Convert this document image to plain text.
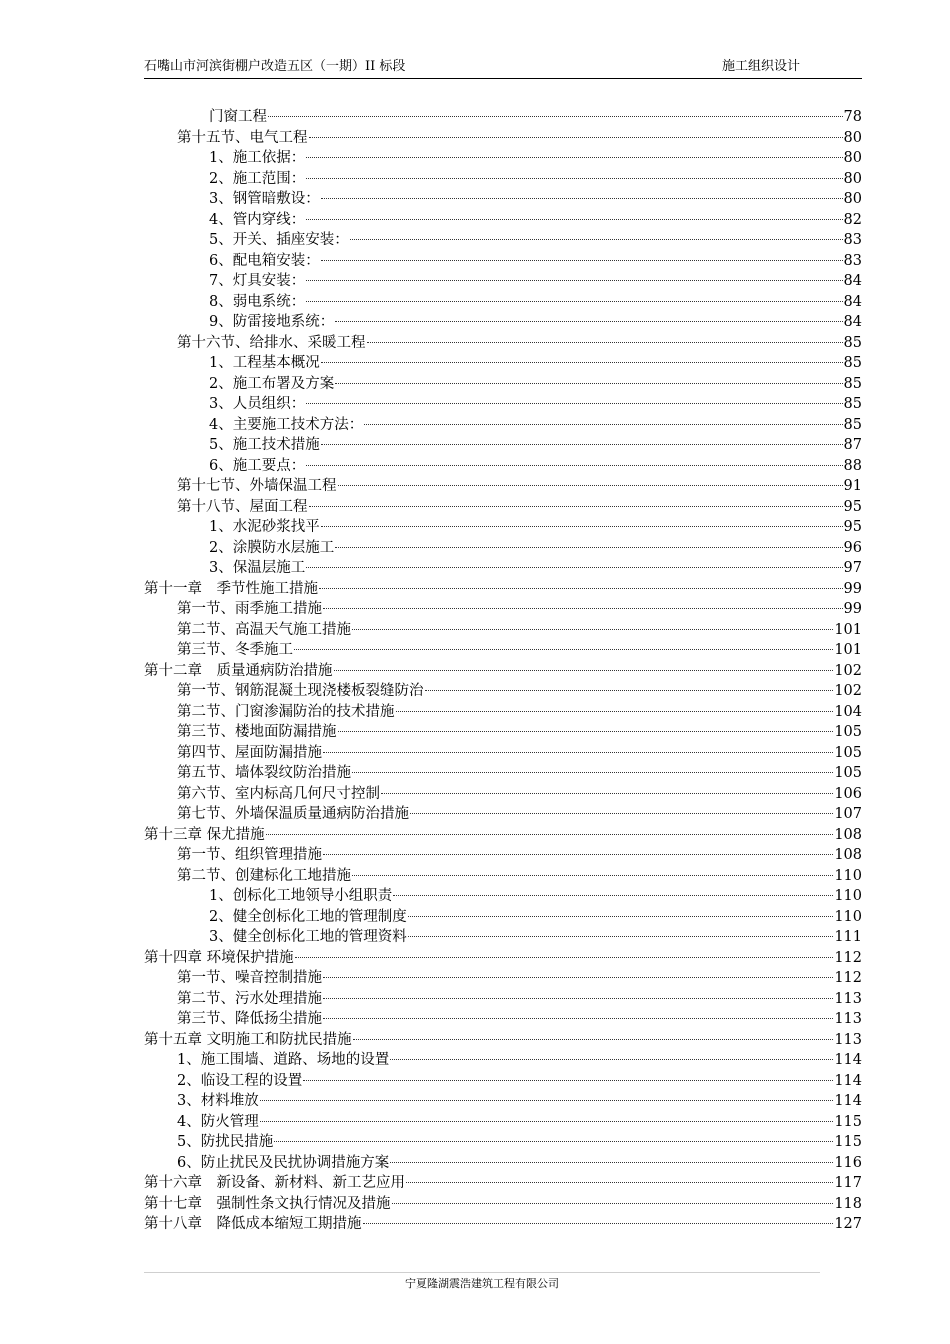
石嘴山市河滨街棚户改造五区（一期）II 标段	施工组织设计
门窗工程	78
第十五节、电气工程	80
1、施工依据：	80
2、施工范围：	80
3、钢管暗敷设：	80
4、管内穿线：	82
5、开关、插座安装：	83
6、配电箱安装：	83
7、灯具安装：	84
8、弱电系统：	84
9、防雷接地系统：	84
第十六节、给排水、采暖工程	85
1、工程基本概况	85
2、施工布署及方案	85
3、人员组织：	85
4、主要施工技术方法：	85
5、施工技术措施	87
6、施工要点：	88
第十七节、外墙保温工程	91
第十八节、屋面工程	95
1、水泥砂浆找平	95
2、涂膜防水层施工	96
3、保温层施工	97
第十一章　季节性施工措施	99
第一节、雨季施工措施	99
第二节、高温天气施工措施	101
第三节、冬季施工	101
第十二章　质量通病防治措施	102
第一节、钢筋混凝土现浇楼板裂缝防治	102
第二节、门窗渗漏防治的技术措施	104
第三节、楼地面防漏措施	105
第四节、屋面防漏措施	105
第五节、墙体裂纹防治措施	105
第六节、室内标高几何尺寸控制	106
第七节、外墙保温质量通病防治措施	107
第十三章 保尤措施	108
第一节、组织管理措施	108
第二节、创建标化工地措施	110
1、创标化工地领导小组职责	110
2、健全创标化工地的管理制度	110
3、健全创标化工地的管理资料	111
第十四章 环境保护措施	112
第一节、噪音控制措施	112
第二节、污水处理措施	113
第三节、降低扬尘措施	113
第十五章 文明施工和防扰民措施	113
1、施工围墙、道路、场地的设置	114
2、临设工程的设置	114
3、材料堆放	114
4、防火管理	115
5、防扰民措施	115
6、防止扰民及民扰协调措施方案	116
第十六章　新设备、新材料、新工艺应用	117
第十七章　强制性条文执行情况及措施	118
第十八章　降低成本缩短工期措施	127
宁夏隆湖震浩建筑工程有限公司
